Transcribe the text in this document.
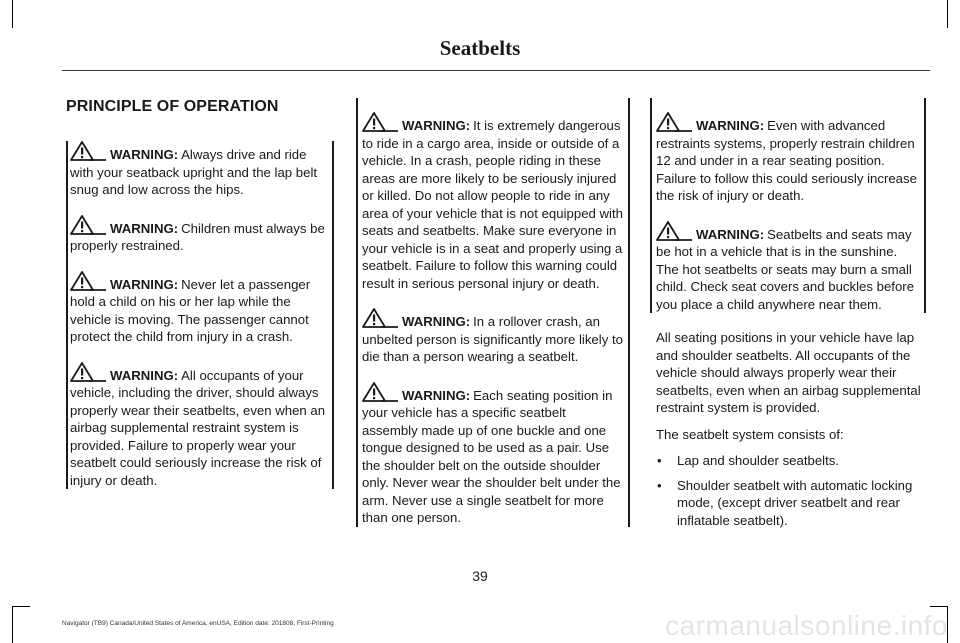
Seatbelts
PRINCIPLE OF OPERATION
WARNING: Always drive and ride with your seatback upright and the lap belt snug and low across the hips.
WARNING: Children must always be properly restrained.
WARNING: Never let a passenger hold a child on his or her lap while the vehicle is moving. The passenger cannot protect the child from injury in a crash.
WARNING: All occupants of your vehicle, including the driver, should always properly wear their seatbelts, even when an airbag supplemental restraint system is provided. Failure to properly wear your seatbelt could seriously increase the risk of injury or death.
WARNING: It is extremely dangerous to ride in a cargo area, inside or outside of a vehicle. In a crash, people riding in these areas are more likely to be seriously injured or killed. Do not allow people to ride in any area of your vehicle that is not equipped with seats and seatbelts. Make sure everyone in your vehicle is in a seat and properly using a seatbelt. Failure to follow this warning could result in serious personal injury or death.
WARNING: In a rollover crash, an unbelted person is significantly more likely to die than a person wearing a seatbelt.
WARNING: Each seating position in your vehicle has a specific seatbelt assembly made up of one buckle and one tongue designed to be used as a pair. Use the shoulder belt on the outside shoulder only. Never wear the shoulder belt under the arm. Never use a single seatbelt for more than one person.
WARNING: Even with advanced restraints systems, properly restrain children 12 and under in a rear seating position. Failure to follow this could seriously increase the risk of injury or death.
WARNING: Seatbelts and seats may be hot in a vehicle that is in the sunshine. The hot seatbelts or seats may burn a small child. Check seat covers and buckles before you place a child anywhere near them.

All seating positions in your vehicle have lap and shoulder seatbelts. All occupants of the vehicle should always properly wear their seatbelts, even when an airbag supplemental restraint system is provided.

The seatbelt system consists of:

• Lap and shoulder seatbelts.
• Shoulder seatbelt with automatic locking mode, (except driver seatbelt and rear inflatable seatbelt).
39
Navigator (TB9) Canada/United States of America, enUSA, Edition date: 201808, First-Printing	carmanualsonline.info
